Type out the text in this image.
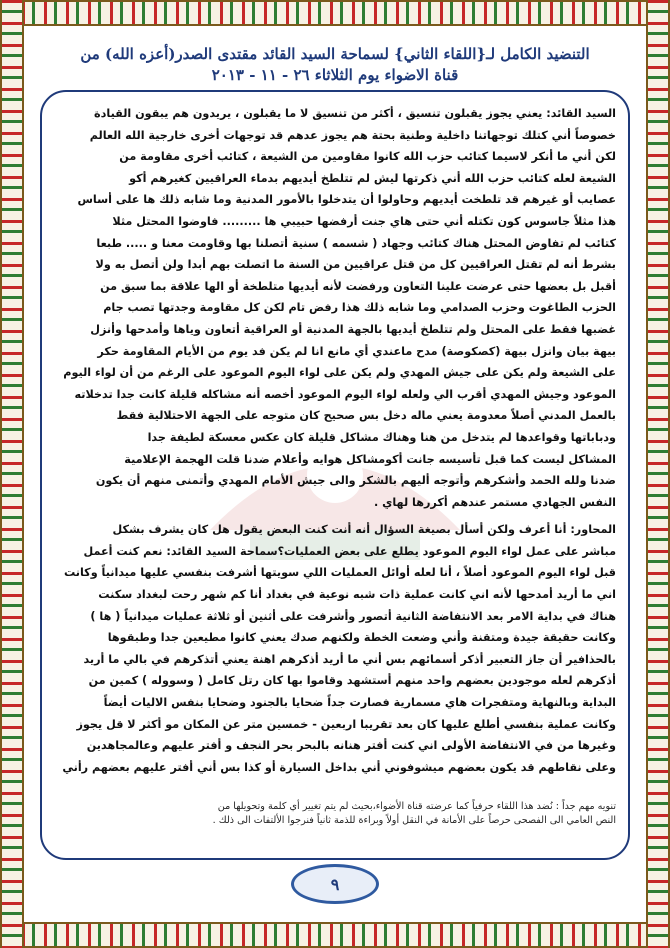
التنضيد الكامل لـ{اللقاء الثاني} لسماحة السيد القائد مقتدى الصدر(أعزه الله) من
قناة الاضواء يوم الثلاثاء ٢٦ - ١١ - ٢٠١٣
السيد القائد: يعني يجوز يقبلون تنسيق ، أكثر من تنسيق لا ما يقبلون ، يريدون هم يبقون القيادة
خصوصاً أني كتلك توجهاتنا داخلية وطنية بحتة هم يجوز عدهم قد توجهات أخرى خارجية الله العالم
لكن أني ما أنكر لاسيما كتائب حزب الله كانوا مقاومين من الشيعة ، كتائب أخرى مقاومة من
الشيعة لعله كتائب حزب الله أني ذكرتها ليش لم تتلطخ أيديهم بدماء العراقيين كغيرهم أكو
عصايب أو غيرهم قد تلطخت أيديهم وحاولوا أن يتدخلوا بالأمور المدنية وما شابه ذلك ها على أساس
هذا مثلاً جاسوس كون تكتله أني حتى هاي جنت أرفضها حبيبي ها ......... فاوضوا المحتل مثلا
كتائب لم تفاوض المحتل هناك كتائب وجهاد ( شسمه ) سنية أتصلنا بها وقاومت معنا و ..... طبعا
بشرط أنه لم تقتل العراقيين كل من قتل عراقيين من السنة ما اتصلت بهم أبدا ولن أتصل به ولا
أقبل بل بعضها حتى عرضت علينا التعاون ورفضت لأنه أيديها متلطخة أو الها علاقة بما سبق من
الحزب الطاغوت وحزب الصدامي وما شابه ذلك هذا رفض تام لكن كل مقاومة وجدتها تصب جام
غضبها فقط على المحتل ولم تتلطخ أيديها بالجهة المدنية أو العراقية أتعاون وياها وأمدحها وأنزل
بيهة بيان وانزل بيهة (كصكوصة) مدح ماعندي أي مانع انا لم يكن فد يوم من الأيام المقاومة حكر
على الشيعة ولم يكن على جيش المهدي ولم يكن على لواء اليوم الموعود على الرغم من أن لواء اليوم
الموعود وجيش المهدي أقرب الي ولعله لواء اليوم الموعود أخصه أنه مشاكله قليلة كانت جدا تدخلاته
بالعمل المدني أصلاً معدومة يعني ماله دخل بس صحيح كان متوجه على الجهة الاحتلالية فقط
ودباباتها وقواعدها لم يتدخل من هنا وهناك مشاكل قليلة كان عكس معسكة لطيفة جدا
المشاكل ليست كما قبل تأسيسه جانت أكومشاكل هوايه وأعلام ضدنا قلت الهجمة الإعلامية
ضدنا ولله الحمد وأشكرهم وأتوجه أليهم بالشكر والى جيش الأمام المهدي وأتمنى منهم أن يكون
النفس الجهادي مستمر عندهم أكررها لهاي .
المحاور: أنا أعرف ولكن أسأل بصيغة السؤال أنه أنت كنت البعض يقول هل كان يشرف بشكل
مباشر على عمل لواء اليوم الموعود يطلع على بعض العمليات؟سماحة السيد القائد: نعم كنت أعمل
قبل لواء اليوم الموعود أصلاً ، أنا لعله أوائل العمليات اللي سويتها أشرفت بنفسي عليها ميدانياً وكانت
اني ما أريد أمدحها لأنه اني كانت عملية ذات شبه نوعية في بغداد أنا كم شهر رحت لبغداد سكنت
هناك في بداية الامر بعد الانتفاضة الثانية أتصور وأشرفت على أثنين أو ثلاثة عمليات ميدانياً ( ها )
وكانت حقيقة جيدة ومتقنة وأني وضعت الخطة ولكنهم صدك يعني كانوا مطيعين جدا وطبقوها
بالحذافير أن جاز التعبير أذكر أسمائهم بس أني ما أريد أذكرهم اهنة يعني أتذكرهم في بالي ما أريد
أذكرهم لعله موجودين بعضهم واحد منهم أستشهد وقاموا بها كان رتل كامل ( وسووله ) كمين من
البداية وبالنهاية ومتفجرات هاي مسمارية فصارت جداً ضحايا بالجنود وضحايا بنفس الاليات أيضاً
وكانت عملية بنفسي أطلع عليها كان بعد تقريبا اربعين - خمسين متر عن المكان مو أكثر لا قل يجوز
وغيرها من في الانتفاضة الأولى اني كنت أفتر هنانه بالبحر بحر النجف و أفتر عليهم وعالمجاهدين
وعلى نقاطهم قد يكون بعضهم ميشوفوني أني بداخل السيارة أو كذا بس أني أفتر عليهم بعضهم رأني
تنويه مهم جداً : نُضد هذا اللقاء حرفياً كما عرضته قناة الأضواء،بحيث لم يتم تغيير أي كلمة وتحويلها من
النص العامي الى الفصحى حرصاً على الأمانة في النقل أولاً وبراءة للذمة ثانياً فنرجوا الألتفات الى ذلك .
٩
